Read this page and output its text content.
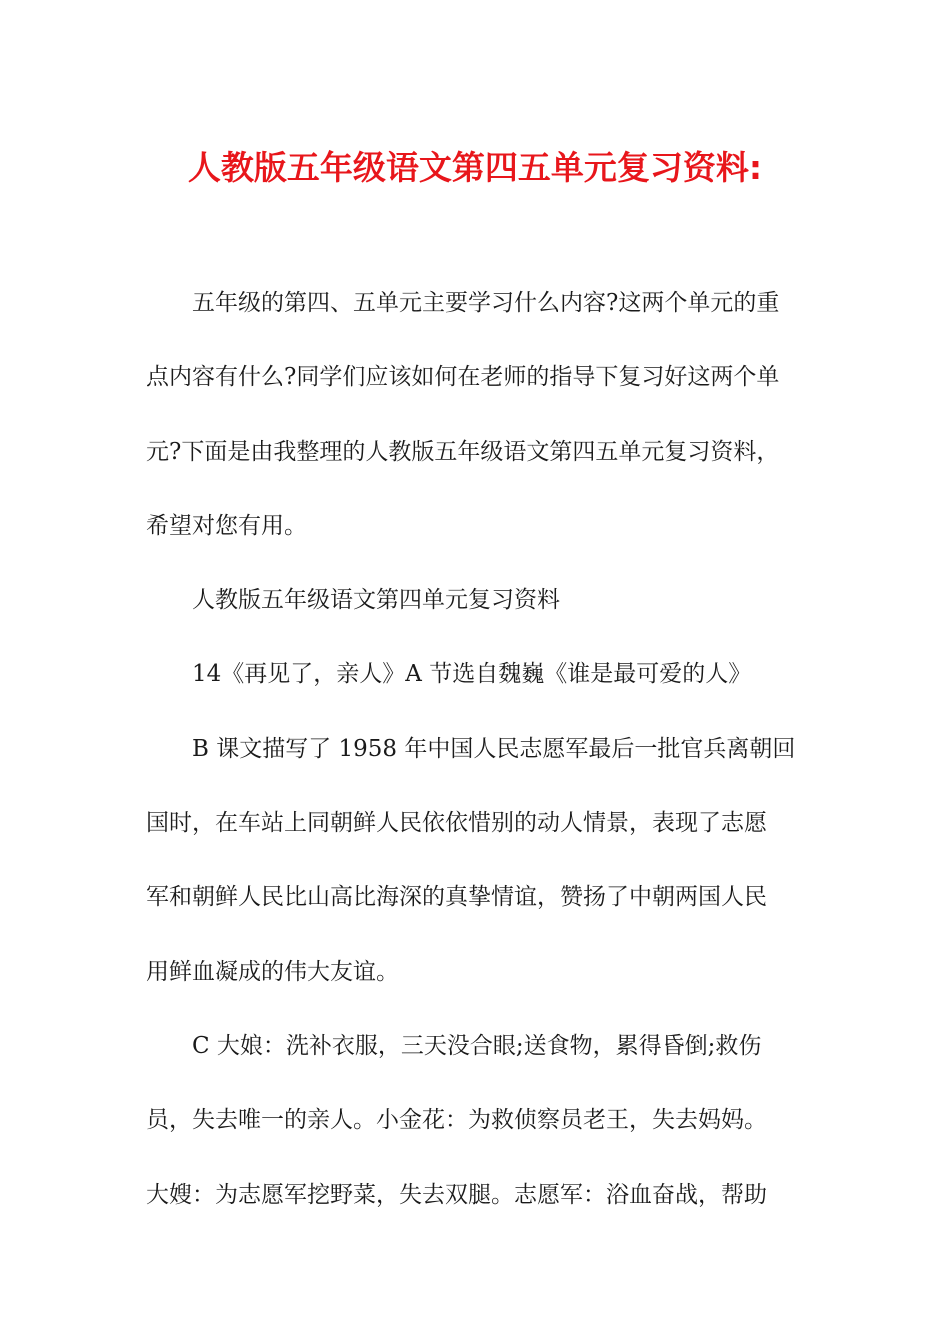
人教版五年级语文第四五单元复习资料:
五年级的第四、五单元主要学习什么内容?这两个单元的重
点内容有什么?同学们应该如何在老师的指导下复习好这两个单
元?下面是由我整理的人教版五年级语文第四五单元复习资料，
希望对您有用。
人教版五年级语文第四单元复习资料
14《再见了，亲人》A 节选自魏巍《谁是最可爱的人》
B 课文描写了 1958 年中国人民志愿军最后一批官兵离朝回
国时，在车站上同朝鲜人民依依惜别的动人情景，表现了志愿
军和朝鲜人民比山高比海深的真挚情谊，赞扬了中朝两国人民
用鲜血凝成的伟大友谊。
C 大娘：洗补衣服，三天没合眼;送食物，累得昏倒;救伤
员，失去唯一的亲人。小金花：为救侦察员老王，失去妈妈。
大嫂：为志愿军挖野菜，失去双腿。志愿军：浴血奋战，帮助
